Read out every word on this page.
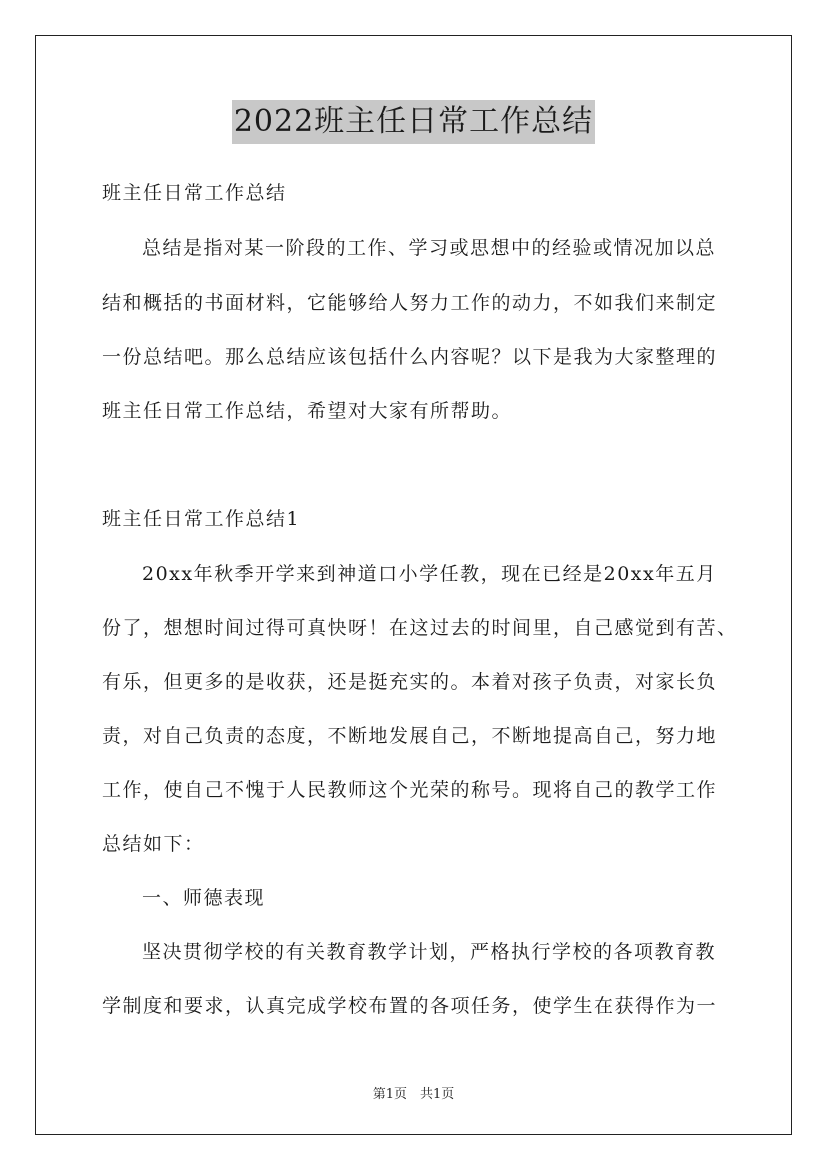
2022班主任日常工作总结
班主任日常工作总结
总结是指对某一阶段的工作、学习或思想中的经验或情况加以总
结和概括的书面材料，它能够给人努力工作的动力，不如我们来制定
一份总结吧。那么总结应该包括什么内容呢？以下是我为大家整理的
班主任日常工作总结，希望对大家有所帮助。
班主任日常工作总结1
20xx年秋季开学来到神道口小学任教，现在已经是20xx年五月
份了，想想时间过得可真快呀！在这过去的时间里，自己感觉到有苦、
有乐，但更多的是收获，还是挺充实的。本着对孩子负责，对家长负
责，对自己负责的态度，不断地发展自己，不断地提高自己，努力地
工作，使自己不愧于人民教师这个光荣的称号。现将自己的教学工作
总结如下：
一、师德表现
坚决贯彻学校的有关教育教学计划，严格执行学校的各项教育教
学制度和要求，认真完成学校布置的各项任务，使学生在获得作为一
第1页　共1页
